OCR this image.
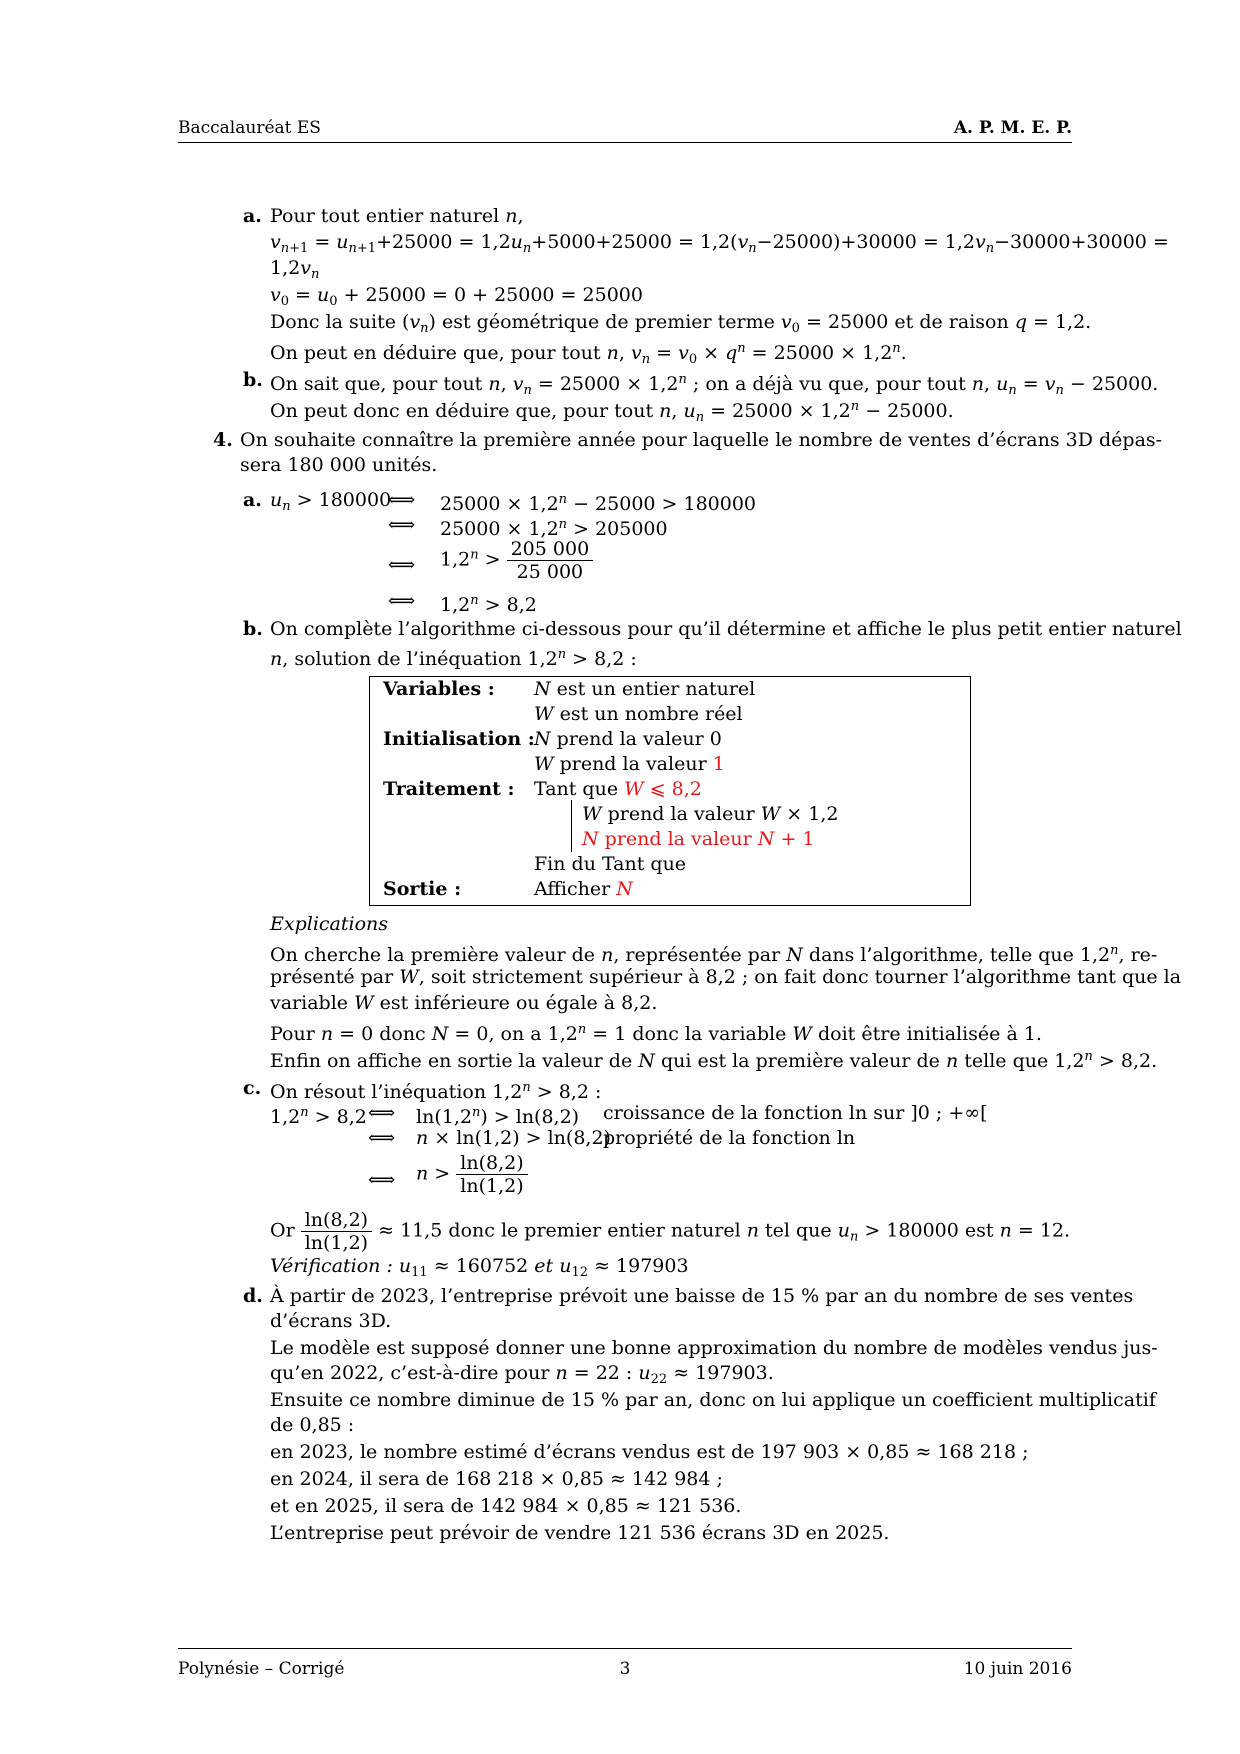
Baccalauréat ES	A. P. M. E. P.
a. Pour tout entier naturel n,
$v_{n+1} = u_{n+1}+25000 = 1,2u_n+5000+25000 = 1,2(v_n-25000)+30000 = 1,2v_n-30000+30000$ =
$1,2v_n$
$v_0 = u_0 + 25000 = 0 + 25000 = 25000$
Donc la suite $(v_n)$ est géométrique de premier terme $v_0 = 25000$ et de raison q = 1,2.
On peut en déduire que, pour tout n, $v_n = v_0 \times q^n = 25000 \times 1,2^n$.
b. On sait que, pour tout n, $v_n = 25000 \times 1,2^n$ ; on a déjà vu que, pour tout n, $u_n = v_n - 25000$.
On peut donc en déduire que, pour tout n, $u_n = 25000 \times 1,2^n - 25000$.
4. On souhaite connaître la première année pour laquelle le nombre de ventes d’écrans 3D dépas-
sera 180 000 unités.
a. $u_n > 180000$
⟺ $25000 \times 1,2^n - 25000 > 180000$
⟺ $25000 \times 1,2^n > 205000$
⟺ $1,2^n > \frac{205 000}{25 000}$
⟺ $1,2^n > 8,2$
b. On complète l’algorithme ci-dessous pour qu’il détermine et affiche le plus petit entier naturel
n, solution de l’inéquation $1,2^n > 8,2$ :
Variables : N est un entier naturel
W est un nombre réel
Initialisation : N prend la valeur 0
W prend la valeur 1
Traitement : Tant que W ⩽ 8,2
W prend la valeur W × 1,2
N prend la valeur N + 1
Fin du Tant que
Sortie :	Afficher N
Explications
On cherche la première valeur de n, représentée par N dans l’algorithme, telle que 1,2$^n$, re-
présenté par W, soit strictement supérieur à 8,2 ; on fait donc tourner l’algorithme tant que la
variable W est inférieure ou égale à 8,2.
Pour n = 0 donc N = 0, on a $1,2^n = 1$ donc la variable W doit être initialisée à 1.
Enfin on affiche en sortie la valeur de N qui est la première valeur de n telle que $1,2^n > 8,2$.
c. On résout l’inéquation $1,2^n > 8,2$ :
$1,2^n > 8,2$ ⟺ $\ln(1,2^n) > \ln(8,2)$ croissance de la fonction ln sur ]0 ; +∞[
⟺ n × ln(1,2) > ln(8,2)
propriété de la fonction ln
⟺ $n > \frac{\ln(8,2)}{\ln(1,2)}$
Or $\frac{\ln(8,2)}{\ln(1,2)} \approx 11,5$ donc le premier entier naturel n tel que $u_n > 180000$ est n = 12.
Vérification : $u_{11} \approx 160752$ et $u_{12} \approx 197903$
d. À partir de 2023, l’entreprise prévoit une baisse de 15 % par an du nombre de ses ventes
d’écrans 3D.
Le modèle est supposé donner une bonne approximation du nombre de modèles vendus jus-
qu’en 2022, c’est-à-dire pour n = 22 : $u_{22} \approx 197903$.
Ensuite ce nombre diminue de 15 % par an, donc on lui applique un coefficient multiplicatif
de 0,85 :
en 2023, le nombre estimé d’écrans vendus est de 197 903 × 0,85 ≈ 168 218 ;
en 2024, il sera de 168 218 × 0,85 ≈ 142 984 ;
et en 2025, il sera de 142 984 × 0,85 ≈ 121 536.
L’entreprise peut prévoir de vendre 121 536 écrans 3D en 2025.
Polynésie – Corrigé	3	10 juin 2016
